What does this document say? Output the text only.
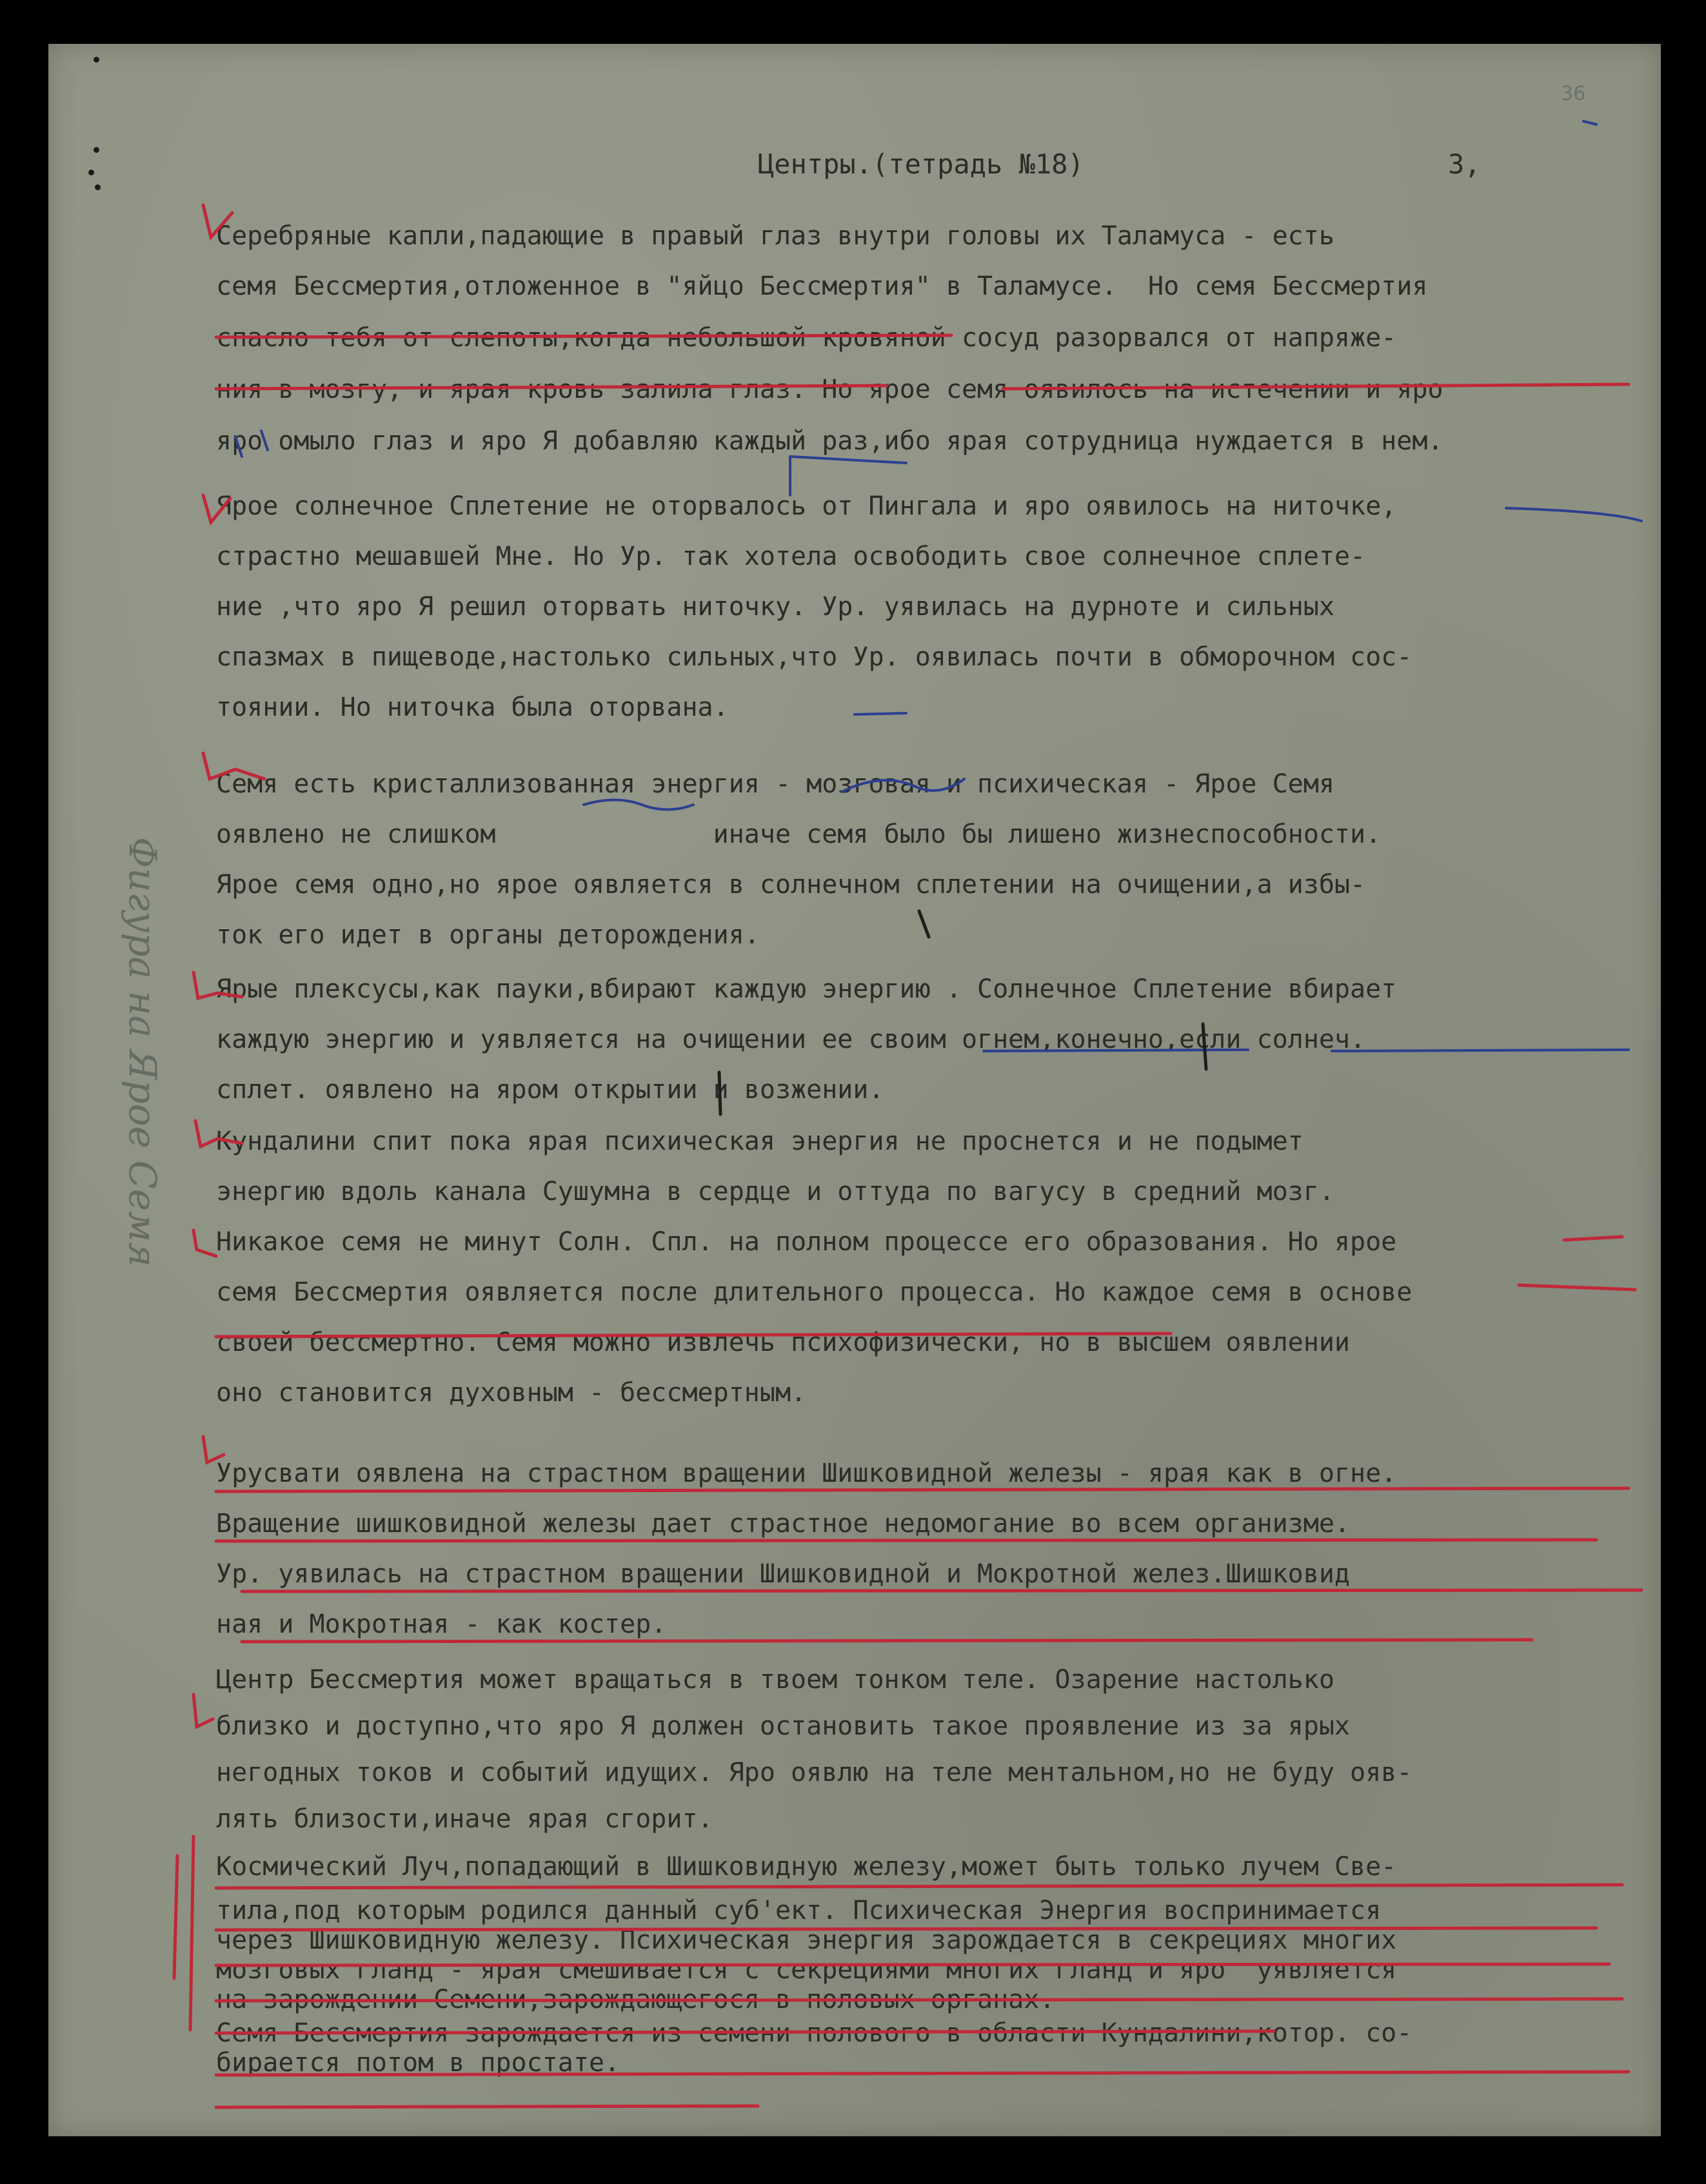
36
Центры.(тетрадь №18)	3,
Фигура на Ярое Семя

Серебряные капли,падающие в правый глаз внутри головы их Таламуса - есть

семя Бессмертия,отложенное в "яйцо Бессмертия" в Таламусе.  Но семя Бессмертия

спасло тебя от слепоты,когда небольшой кровяной сосуд разорвался от напряже-

ния в мозгу, и ярая кровь залила глаз. Но ярое семя оявилось на истечении и яро

яро омыло глаз и яро Я добавляю каждый раз,ибо ярая сотрудница нуждается в нем.

Ярое солнечное Сплетение не оторвалось от Пингала и яро оявилось на ниточке,

страстно мешавшей Мне. Но Ур. так хотела освободить свое солнечное сплете-

ние ,что яро Я решил оторвать ниточку. Ур. уявилась на дурноте и сильных

спазмах в пищеводе,настолько сильных,что Ур. оявилась почти в обморочном сос-

тоянии. Но ниточка была оторвана.

Семя есть кристаллизованная энергия - мозговая и психическая - Ярое Семя

оявлено не слишком              иначе семя было бы лишено жизнеспособности.

Ярое семя одно,но ярое оявляется в солнечном сплетении на очищении,а избы-

ток его идет в органы деторождения.

Ярые плексусы,как пауки,вбирают каждую энергию . Солнечное Сплетение вбирает

каждую энергию и уявляется на очищении ее своим огнем,конечно,если солнеч.

сплет. оявлено на яром открытии и возжении.

Кундалини спит пока ярая психическая энергия не проснется и не подымет

энергию вдоль канала Сушумна в сердце и оттуда по вагусу в средний мозг.

Никакое семя не минут Солн. Спл. на полном процессе его образования. Но ярое

семя Бессмертия оявляется после длительного процесса. Но каждое семя в основе

своей бессмертно. Семя можно извлечь психофизически, но в высшем оявлении

оно становится духовным - бессмертным.

Урусвати оявлена на страстном вращении Шишковидной железы - ярая как в огне.

Вращение шишковидной железы дает страстное недомогание во всем организме.

Ур. уявилась на страстном вращении Шишковидной и Мокротной желез.Шишковид

ная и Мокротная - как костер.

Центр Бессмертия может вращаться в твоем тонком теле. Озарение настолько

близко и доступно,что яро Я должен остановить такое проявление из за ярых

негодных токов и событий идущих. Яро оявлю на теле ментальном,но не буду ояв-

лять близости,иначе ярая сгорит.

Космический Луч,попадающий в Шишковидную железу,может быть только лучем Све-

тила,под которым родился данный суб'ект. Психическая Энергия воспринимается

через Шишковидную железу. Психическая энергия зарождается в секрециях многих

мозговых гланд - ярая смешивается с секрециями многих гланд и яро  уявляется

на зарождении Семени,зарождающегося в половых органах.

Семя Бессмертия зарождается из семени полового в области Кундалини,котор. со-

бирается потом в простате.
